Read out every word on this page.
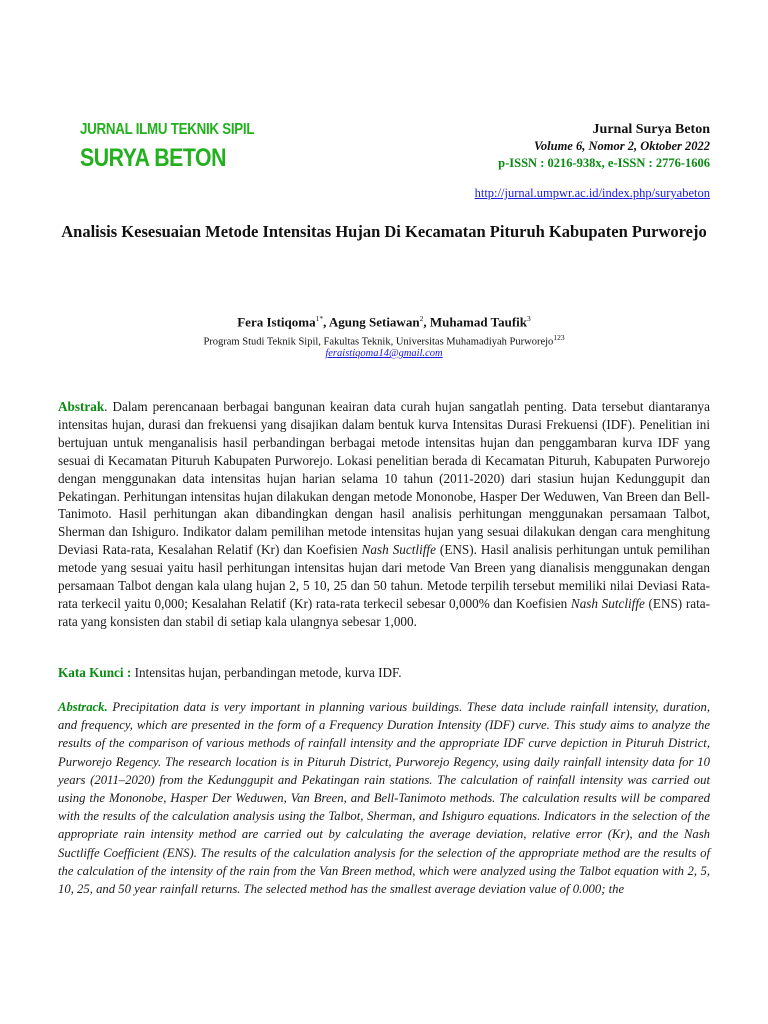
JURNAL ILMU TEKNIK SIPIL
SURYA BETON
Jurnal Surya Beton
Volume 6, Nomor 2, Oktober 2022
p-ISSN : 0216-938x, e-ISSN : 2776-1606
http://jurnal.umpwr.ac.id/index.php/suryabeton
Analisis Kesesuaian Metode Intensitas Hujan Di Kecamatan Pituruh Kabupaten Purworejo
Fera Istiqoma$^{1*}$, Agung Setiawan$^2$, Muhamad Taufik$^3$
Program Studi Teknik Sipil, Fakultas Teknik, Universitas Muhamadiyah Purworejo$^{123}$
feraistiqoma14@gmail.com

Abstrak. Dalam perencanaan berbagai bangunan keairan data curah hujan sangatlah penting. Data tersebut diantaranya intensitas hujan, durasi dan frekuensi yang disajikan dalam bentuk kurva Intensitas Durasi Frekuensi (IDF). Penelitian ini bertujuan untuk menganalisis hasil perbandingan berbagai metode intensitas hujan dan penggambaran kurva IDF yang sesuai di Kecamatan Pituruh Kabupaten Purworejo. Lokasi penelitian berada di Kecamatan Pituruh, Kabupaten Purworejo dengan menggunakan data intensitas hujan harian selama 10 tahun (2011-2020) dari stasiun hujan Kedunggupit dan Pekatingan. Perhitungan intensitas hujan dilakukan dengan metode Mononobe, Hasper Der Weduwen, Van Breen dan Bell-Tanimoto. Hasil perhitungan akan dibandingkan dengan hasil analisis perhitungan menggunakan persamaan Talbot, Sherman dan Ishiguro. Indikator dalam pemilihan metode intensitas hujan yang sesuai dilakukan dengan cara menghitung Deviasi Rata-rata, Kesalahan Relatif (Kr) dan Koefisien Nash Suctliffe (ENS). Hasil analisis perhitungan untuk pemilihan metode yang sesuai yaitu hasil perhitungan intensitas hujan dari metode Van Breen yang dianalisis menggunakan dengan persamaan Talbot dengan kala ulang hujan 2, 5 10, 25 dan 50 tahun. Metode terpilih tersebut memiliki nilai Deviasi Rata-rata terkecil yaitu 0,000; Kesalahan Relatif (Kr) rata-rata terkecil sebesar 0,000% dan Koefisien Nash Sutcliffe (ENS) rata-rata yang konsisten dan stabil di setiap kala ulangnya sebesar 1,000.

Kata Kunci : Intensitas hujan, perbandingan metode, kurva IDF.

Abstrack. Precipitation data is very important in planning various buildings. These data include rainfall intensity, duration, and frequency, which are presented in the form of a Frequency Duration Intensity (IDF) curve. This study aims to analyze the results of the comparison of various methods of rainfall intensity and the appropriate IDF curve depiction in Pituruh District, Purworejo Regency. The research location is in Pituruh District, Purworejo Regency, using daily rainfall intensity data for 10 years (2011–2020) from the Kedunggupit and Pekatingan rain stations. The calculation of rainfall intensity was carried out using the Mononobe, Hasper Der Weduwen, Van Breen, and Bell-Tanimoto methods. The calculation results will be compared with the results of the calculation analysis using the Talbot, Sherman, and Ishiguro equations. Indicators in the selection of the appropriate rain intensity method are carried out by calculating the average deviation, relative error (Kr), and the Nash Suctliffe Coefficient (ENS). The results of the calculation analysis for the selection of the appropriate method are the results of the calculation of the intensity of the rain from the Van Breen method, which were analyzed using the Talbot equation with 2, 5, 10, 25, and 50 year rainfall returns. The selected method has the smallest average deviation value of 0.000; the
